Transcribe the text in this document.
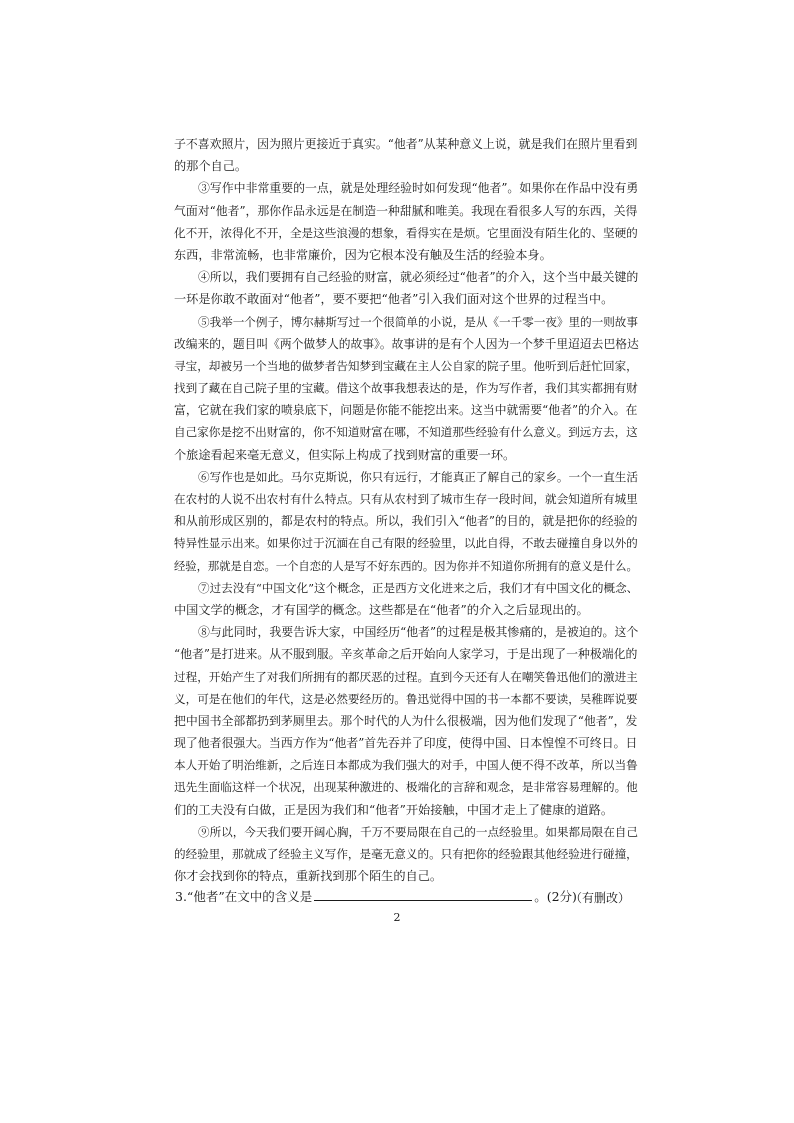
子不喜欢照片，因为照片更接近于真实。“他者”从某种意义上说，就是我们在照片里看到
的那个自己。
③写作中非常重要的一点，就是处理经验时如何发现“他者”。如果你在作品中没有勇
气面对“他者”，那你作品永远是在制造一种甜腻和唯美。我现在看很多人写的东西，关得
化不开，浓得化不开，全是这些浪漫的想象，看得实在是烦。它里面没有陌生化的、坚硬的
东西，非常流畅，也非常廉价，因为它根本没有触及生活的经验本身。
④所以，我们要拥有自己经验的财富，就必须经过“他者”的介入，这个当中最关键的
一环是你敢不敢面对“他者”，要不要把“他者”引入我们面对这个世界的过程当中。
⑤我举一个例子，博尔赫斯写过一个很简单的小说，是从《一千零一夜》里的一则故事
改编来的，题目叫《两个做梦人的故事》。故事讲的是有个人因为一个梦千里迢迢去巴格达
寻宝，却被另一个当地的做梦者告知梦到宝藏在主人公自家的院子里。他听到后赶忙回家，
找到了藏在自己院子里的宝藏。借这个故事我想表达的是，作为写作者，我们其实都拥有财
富，它就在我们家的喷泉底下，问题是你能不能挖出来。这当中就需要“他者”的介入。在
自己家你是挖不出财富的，你不知道财富在哪，不知道那些经验有什么意义。到远方去，这
个旅途看起来毫无意义，但实际上构成了找到财富的重要一环。
⑥写作也是如此。马尔克斯说，你只有远行，才能真正了解自己的家乡。一个一直生活
在农村的人说不出农村有什么特点。只有从农村到了城市生存一段时间，就会知道所有城里
和从前形成区别的，都是农村的特点。所以，我们引入“他者”的目的，就是把你的经验的
特异性显示出来。如果你过于沉湎在自己有限的经验里，以此自得，不敢去碰撞自身以外的
经验，那就是自恋。一个自恋的人是写不好东西的。因为你并不知道你所拥有的意义是什么。
⑦过去没有“中国文化”这个概念，正是西方文化进来之后，我们才有中国文化的概念、
中国文学的概念，才有国学的概念。这些都是在“他者”的介入之后显现出的。
⑧与此同时，我要告诉大家，中国经历“他者”的过程是极其惨痛的，是被迫的。这个
“他者”是打进来。从不服到服。辛亥革命之后开始向人家学习，于是出现了一种极端化的
过程，开始产生了对我们所拥有的都厌恶的过程。直到今天还有人在嘲笑鲁迅他们的激进主
义，可是在他们的年代，这是必然要经历的。鲁迅觉得中国的书一本都不要读，吴稚晖说要
把中国书全部都扔到茅厕里去。那个时代的人为什么很极端，因为他们发现了“他者”，发
现了他者很强大。当西方作为“他者”首先吞并了印度，使得中国、日本惶惶不可终日。日
本人开始了明治维新，之后连日本都成为我们强大的对手，中国人便不得不改革，所以当鲁
迅先生面临这样一个状况，出现某种激进的、极端化的言辞和观念，是非常容易理解的。他
们的工夫没有白做，正是因为我们和“他者”开始接触，中国才走上了健康的道路。
⑨所以，今天我们要开阔心胸，千万不要局限在自己的一点经验里。如果都局限在自己
的经验里，那就成了经验主义写作，是毫无意义的。只有把你的经验跟其他经验进行碰撞，
你才会找到你的特点，重新找到那个陌生的自己。
（有删改）
3.“他者”在文中的含义是	。(2分)
2
